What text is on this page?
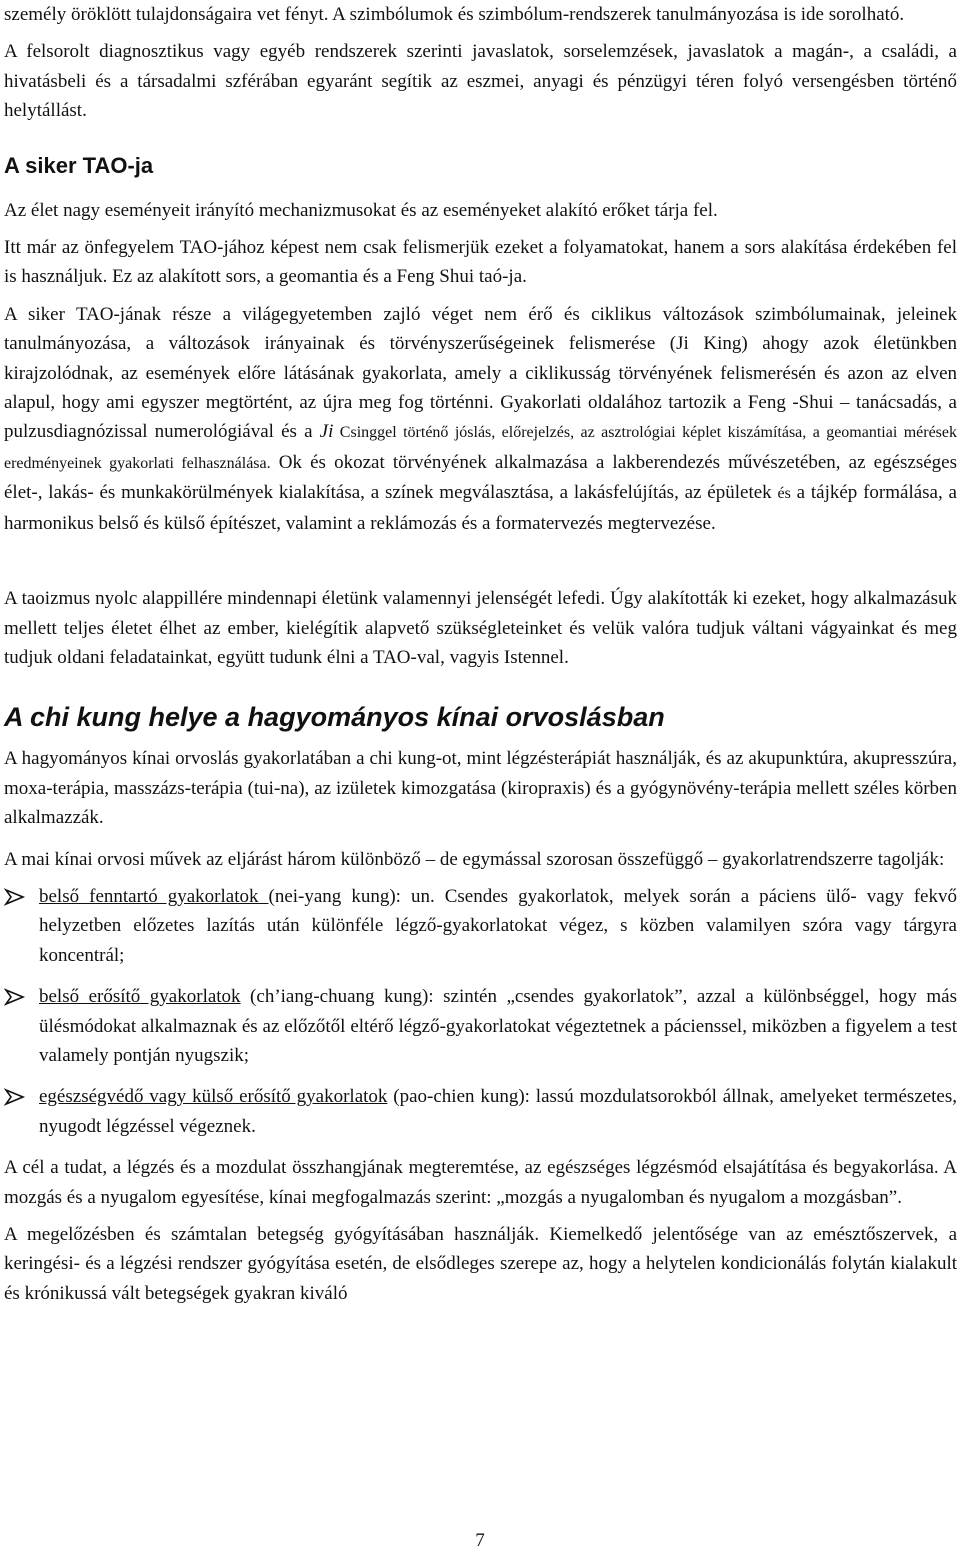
személy öröklött tulajdonságaira vet fényt. A szimbólumok és szimbólum-rendszerek tanulmányozása is ide sorolható.

A felsorolt diagnosztikus vagy egyéb rendszerek szerinti javaslatok, sorselemzések, javaslatok a magán-, a családi, a hivatásbeli és a társadalmi szférában egyaránt segítik az eszmei, anyagi és pénzügyi téren folyó versengésben történő helytállást.

A siker TAO-ja

Az élet nagy eseményeit irányító mechanizmusokat és az eseményeket alakító erőket tárja fel.

Itt már az önfegyelem TAO-jához képest nem csak felismerjük ezeket a folyamatokat, hanem a sors alakítása érdekében fel is használjuk. Ez az alakított sors, a geomantia és a Feng Shui taó-ja.

A siker TAO-jának része a világegyetemben zajló véget nem érő és ciklikus változások szimbólumainak, jeleinek tanulmányozása, a változások irányainak és törvényszerűségeinek felismerése (Ji King) ahogy azok életünkben kirajzolódnak, az események előre látásának gyakorlata, amely a ciklikusság törvényének felismerésén és azon az elven alapul, hogy ami egyszer megtörtént, az újra meg fog történni. Gyakorlati oldalához tartozik a Feng -Shui – tanácsadás, a pulzusdiagnózissal numerológiával és a Ji Csinggel történő jóslás, előrejelzés, az asztrológiai képlet kiszámítása, a geomantiai mérések eredményeinek gyakorlati felhasználása. Ok és okozat törvényének alkalmazása a lakberendezés művészetében, az egészséges élet-, lakás- és munkakörülmények kialakítása, a színek megválasztása, a lakásfelújítás, az épületek és a tájkép formálása, a harmonikus belső és külső építészet, valamint a reklámozás és a formatervezés megtervezése.

A taoizmus nyolc alappillére mindennapi életünk valamennyi jelenségét lefedi. Úgy alakították ki ezeket, hogy alkalmazásuk mellett teljes életet élhet az ember, kielégítik alapvető szükségleteinket és velük valóra tudjuk váltani vágyainkat és meg tudjuk oldani feladatainkat, együtt tudunk élni a TAO-val, vagyis Istennel.

A chi kung helye a hagyományos kínai orvoslásban

A hagyományos kínai orvoslás gyakorlatában a chi kung-ot, mint légzésterápiát használják, és az akupunktúra, akupresszúra, moxa-terápia, masszázs-terápia (tui-na), az izületek kimozgatása (kiropraxis) és a gyógynövény-terápia mellett széles körben alkalmazzák.

A mai kínai orvosi művek az eljárást három különböző – de egymással szorosan összefüggő – gyakorlatrendszerre tagolják:

belső fenntartó gyakorlatok (nei-yang kung): un. Csendes gyakorlatok, melyek során a páciens ülő- vagy fekvő helyzetben előzetes lazítás után különféle légző-gyakorlatokat végez, s közben valamilyen szóra vagy tárgyra koncentrál;
belső erősítő gyakorlatok (ch’iang-chuang kung): szintén „csendes gyakorlatok”, azzal a különbséggel, hogy más ülésmódokat alkalmaznak és az előzőtől eltérő légző-gyakorlatokat végeztetnek a pácienssel, miközben a figyelem a test valamely pontján nyugszik;
egészségvédő vagy külső erősítő gyakorlatok (pao-chien kung): lassú mozdulatsorokból állnak, amelyeket természetes, nyugodt légzéssel végeznek.

A cél a tudat, a légzés és a mozdulat összhangjának megteremtése, az egészséges légzésmód elsajátítása és begyakorlása. A mozgás és a nyugalom egyesítése, kínai megfogalmazás szerint: „mozgás a nyugalomban és nyugalom a mozgásban”.

A megelőzésben és számtalan betegség gyógyításában használják. Kiemelkedő jelentősége van az emésztőszervek, a keringési- és a légzési rendszer gyógyítása esetén, de elsődleges szerepe az, hogy a helytelen kondicionálás folytán kialakult és krónikussá vált betegségek gyakran kiváló

7
